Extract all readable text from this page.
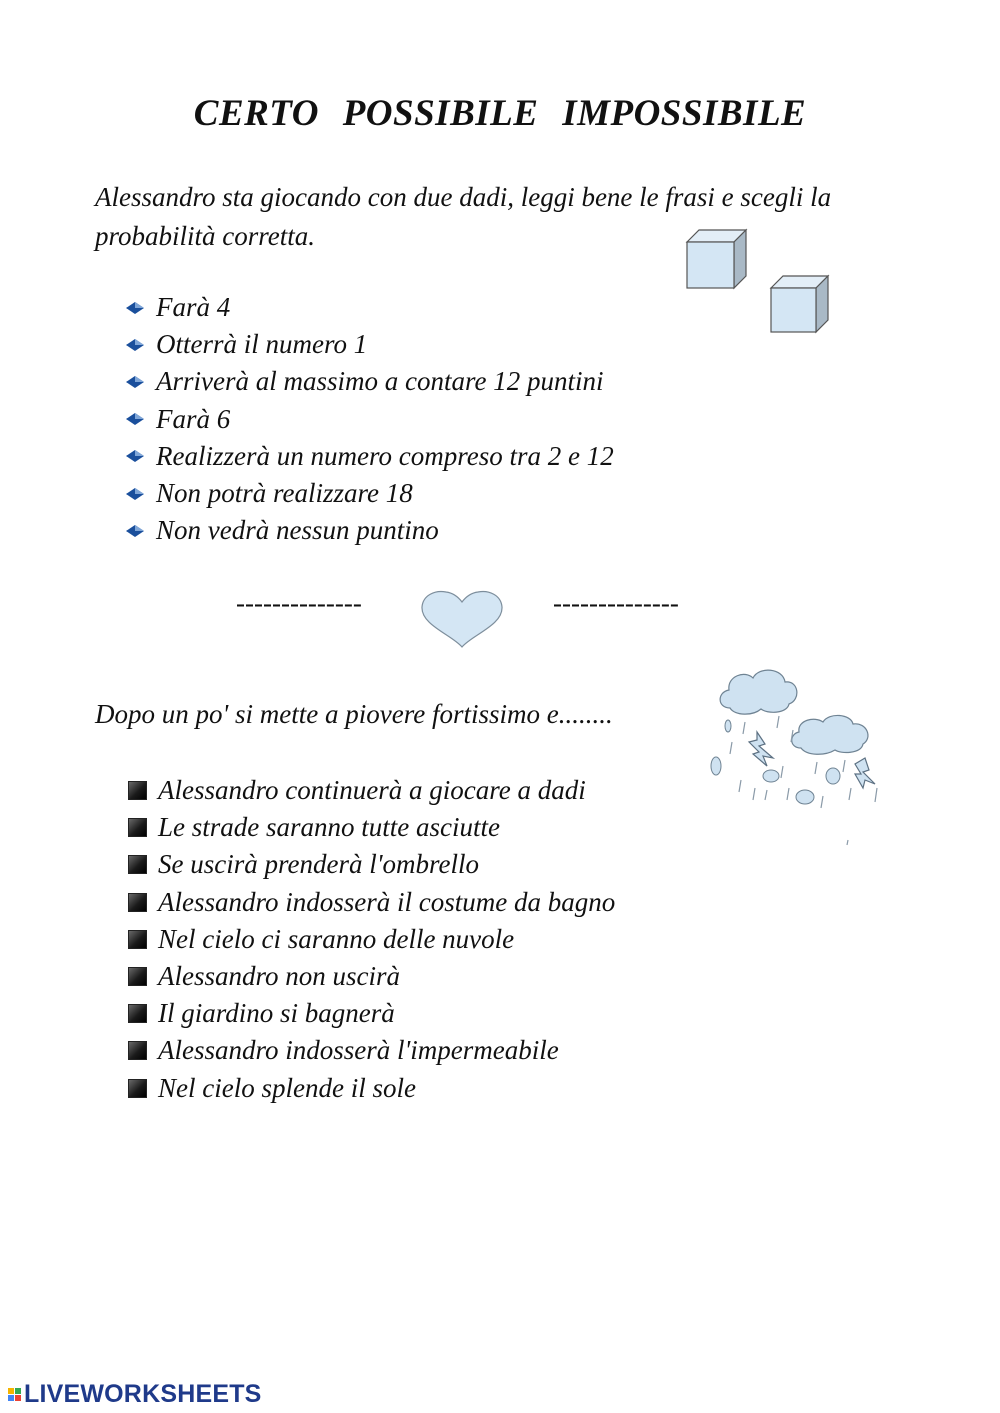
CERTO POSSIBILE IMPOSSIBILE

Alessandro sta giocando con due dadi, leggi bene le frasi e scegli la probabilità corretta.

Farà 4
Otterrà il numero 1
Arriverà al massimo a contare 12 puntini
Farà 6
Realizzerà un numero compreso tra 2 e 12
Non potrà realizzare 18
Non vedrà nessun puntino

--------------	--------------

Dopo un po' si mette a piovere fortissimo e........

Alessandro continuerà a giocare a dadi
Le strade saranno tutte asciutte
Se uscirà prenderà l'ombrello
Alessandro indosserà il costume da bagno
Nel cielo ci saranno delle nuvole
Alessandro non uscirà
Il giardino si bagnerà
Alessandro indosserà l'impermeabile
Nel cielo splende il sole
LIVEWORKSHEETS
